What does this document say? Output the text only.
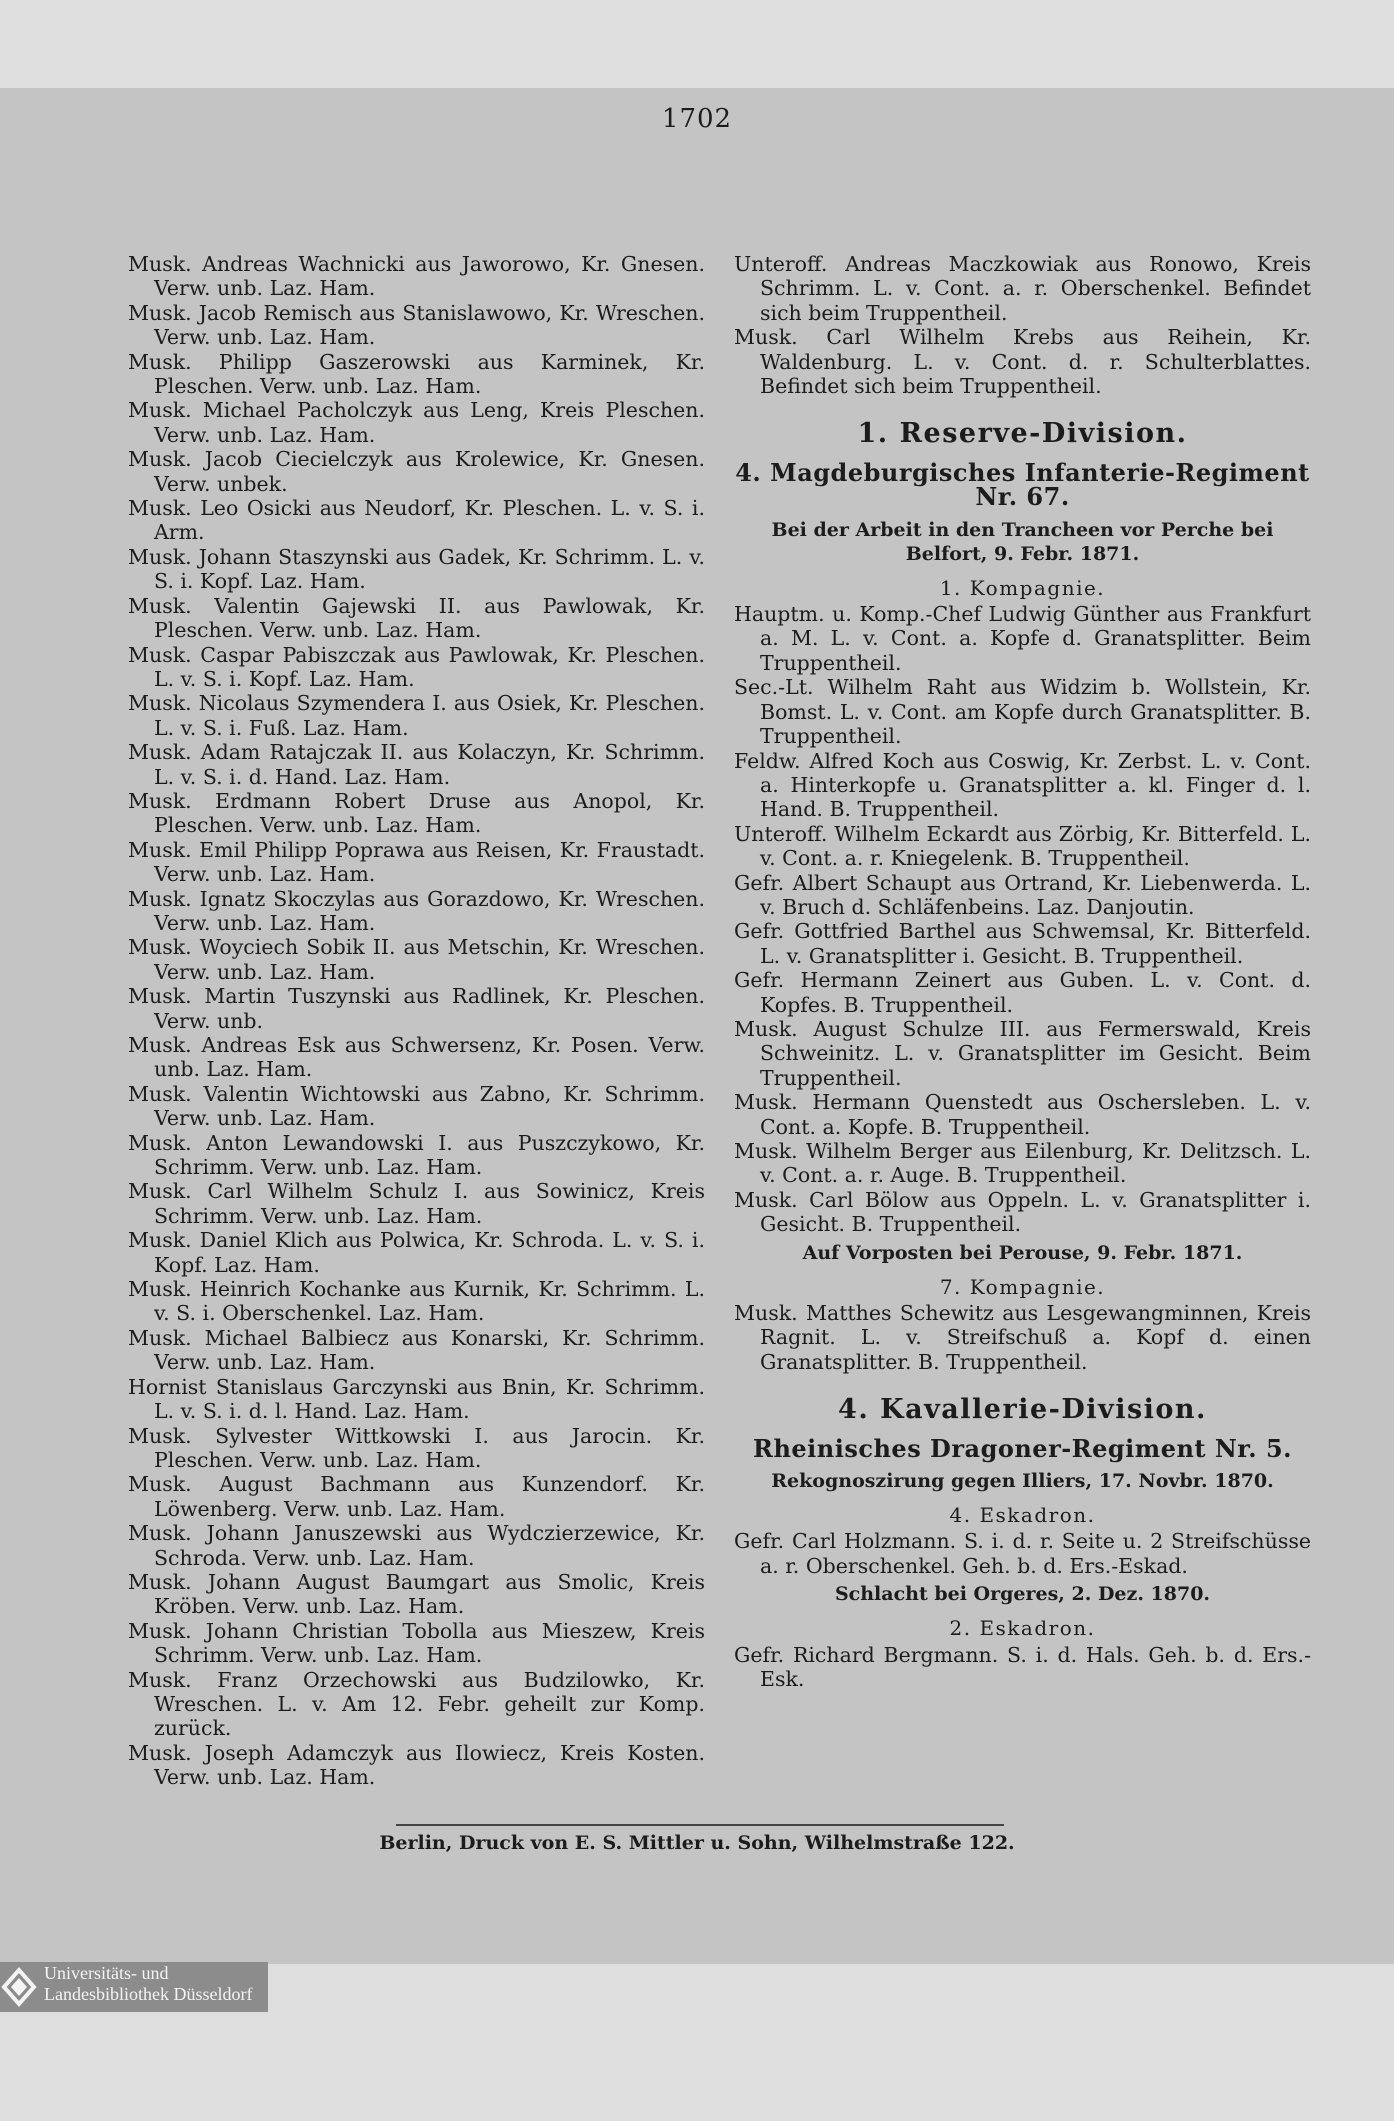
1702

Musk. Andreas Wachnicki aus Jaworowo, Kr. Gnesen. Verw. unb. Laz. Ham.

Musk. Jacob Remisch aus Stanislawowo, Kr. Wreschen. Verw. unb. Laz. Ham.

Musk. Philipp Gaszerowski aus Karminek, Kr. Pleschen. Verw. unb. Laz. Ham.

Musk. Michael Pacholczyk aus Leng, Kreis Pleschen. Verw. unb. Laz. Ham.

Musk. Jacob Ciecielczyk aus Krolewice, Kr. Gnesen. Verw. unbek.

Musk. Leo Osicki aus Neudorf, Kr. Pleschen. L. v. S. i. Arm.

Musk. Johann Staszynski aus Gadek, Kr. Schrimm. L. v. S. i. Kopf. Laz. Ham.

Musk. Valentin Gajewski II. aus Pawlowak, Kr. Pleschen. Verw. unb. Laz. Ham.

Musk. Caspar Pabiszczak aus Pawlowak, Kr. Pleschen. L. v. S. i. Kopf. Laz. Ham.

Musk. Nicolaus Szymendera I. aus Osiek, Kr. Pleschen. L. v. S. i. Fuß. Laz. Ham.

Musk. Adam Ratajczak II. aus Kolaczyn, Kr. Schrimm. L. v. S. i. d. Hand. Laz. Ham.

Musk. Erdmann Robert Druse aus Anopol, Kr. Pleschen. Verw. unb. Laz. Ham.

Musk. Emil Philipp Poprawa aus Reisen, Kr. Fraustadt. Verw. unb. Laz. Ham.

Musk. Ignatz Skoczylas aus Gorazdowo, Kr. Wreschen. Verw. unb. Laz. Ham.

Musk. Woyciech Sobik II. aus Metschin, Kr. Wreschen. Verw. unb. Laz. Ham.

Musk. Martin Tuszynski aus Radlinek, Kr. Pleschen. Verw. unb.

Musk. Andreas Esk aus Schwersenz, Kr. Posen. Verw. unb. Laz. Ham.

Musk. Valentin Wichtowski aus Zabno, Kr. Schrimm. Verw. unb. Laz. Ham.

Musk. Anton Lewandowski I. aus Puszczykowo, Kr. Schrimm. Verw. unb. Laz. Ham.

Musk. Carl Wilhelm Schulz I. aus Sowinicz, Kreis Schrimm. Verw. unb. Laz. Ham.

Musk. Daniel Klich aus Polwica, Kr. Schroda. L. v. S. i. Kopf. Laz. Ham.

Musk. Heinrich Kochanke aus Kurnik, Kr. Schrimm. L. v. S. i. Oberschenkel. Laz. Ham.

Musk. Michael Balbiecz aus Konarski, Kr. Schrimm. Verw. unb. Laz. Ham.

Hornist Stanislaus Garczynski aus Bnin, Kr. Schrimm. L. v. S. i. d. l. Hand. Laz. Ham.

Musk. Sylvester Wittkowski I. aus Jarocin. Kr. Pleschen. Verw. unb. Laz. Ham.

Musk. August Bachmann aus Kunzendorf. Kr. Löwenberg. Verw. unb. Laz. Ham.

Musk. Johann Januszewski aus Wydczierzewice, Kr. Schroda. Verw. unb. Laz. Ham.

Musk. Johann August Baumgart aus Smolic, Kreis Kröben. Verw. unb. Laz. Ham.

Musk. Johann Christian Tobolla aus Mieszew, Kreis Schrimm. Verw. unb. Laz. Ham.

Musk. Franz Orzechowski aus Budzilowko, Kr. Wreschen. L. v. Am 12. Febr. geheilt zur Komp. zurück.

Musk. Joseph Adamczyk aus Ilowiecz, Kreis Kosten. Verw. unb. Laz. Ham.

Unteroff. Andreas Maczkowiak aus Ronowo, Kreis Schrimm. L. v. Cont. a. r. Oberschenkel. Befindet sich beim Truppentheil.

Musk. Carl Wilhelm Krebs aus Reihein, Kr. Waldenburg. L. v. Cont. d. r. Schulterblattes. Befindet sich beim Truppentheil.

1. Reserve-Division.
4. Magdeburgisches Infanterie-Regiment Nr. 67.
Bei der Arbeit in den Trancheen vor Perche bei Belfort, 9. Febr. 1871.
1. Kompagnie.

Hauptm. u. Komp.-Chef Ludwig Günther aus Frankfurt a. M. L. v. Cont. a. Kopfe d. Granatsplitter. Beim Truppentheil.

Sec.-Lt. Wilhelm Raht aus Widzim b. Wollstein, Kr. Bomst. L. v. Cont. am Kopfe durch Granatsplitter. B. Truppentheil.

Feldw. Alfred Koch aus Coswig, Kr. Zerbst. L. v. Cont. a. Hinterkopfe u. Granatsplitter a. kl. Finger d. l. Hand. B. Truppentheil.

Unteroff. Wilhelm Eckardt aus Zörbig, Kr. Bitterfeld. L. v. Cont. a. r. Kniegelenk. B. Truppentheil.

Gefr. Albert Schaupt aus Ortrand, Kr. Liebenwerda. L. v. Bruch d. Schläfenbeins. Laz. Danjoutin.

Gefr. Gottfried Barthel aus Schwemsal, Kr. Bitterfeld. L. v. Granatsplitter i. Gesicht. B. Truppentheil.

Gefr. Hermann Zeinert aus Guben. L. v. Cont. d. Kopfes. B. Truppentheil.

Musk. August Schulze III. aus Fermerswald, Kreis Schweinitz. L. v. Granatsplitter im Gesicht. Beim Truppentheil.

Musk. Hermann Quenstedt aus Oschersleben. L. v. Cont. a. Kopfe. B. Truppentheil.

Musk. Wilhelm Berger aus Eilenburg, Kr. Delitzsch. L. v. Cont. a. r. Auge. B. Truppentheil.

Musk. Carl Bölow aus Oppeln. L. v. Granatsplitter i. Gesicht. B. Truppentheil.

Auf Vorposten bei Perouse, 9. Febr. 1871.
7. Kompagnie.

Musk. Matthes Schewitz aus Lesgewangminnen, Kreis Ragnit. L. v. Streifschuß a. Kopf d. einen Granatsplitter. B. Truppentheil.

4. Kavallerie-Division.
Rheinisches Dragoner-Regiment Nr. 5.
Rekognoszirung gegen Illiers, 17. Novbr. 1870.
4. Eskadron.

Gefr. Carl Holzmann. S. i. d. r. Seite u. 2 Streifschüsse a. r. Oberschenkel. Geh. b. d. Ers.-Eskad.

Schlacht bei Orgeres, 2. Dez. 1870.
2. Eskadron.

Gefr. Richard Bergmann. S. i. d. Hals. Geh. b. d. Ers.-Esk.

Berlin, Druck von E. S. Mittler u. Sohn, Wilhelmstraße 122.
Universitäts- und
Landesbibliothek Düsseldorf
